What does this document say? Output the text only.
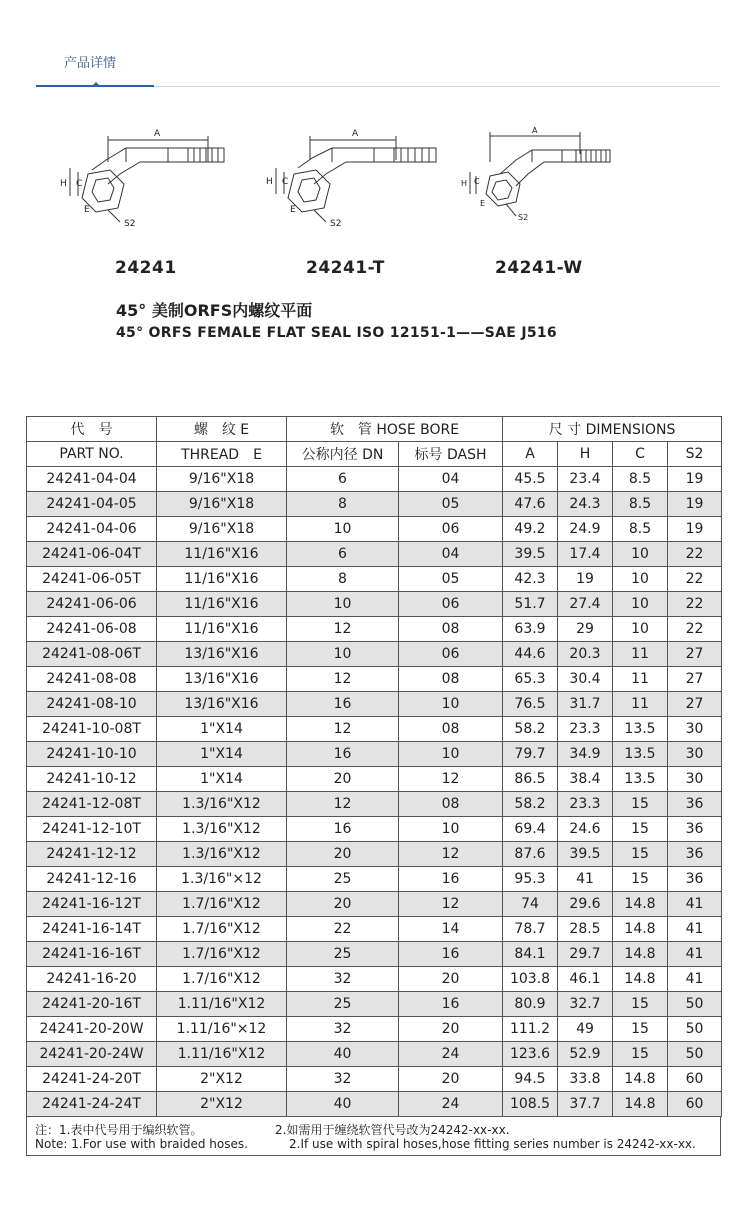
产品详情
A
H C
E
S2
A
H C
E
S2
A
H C
E
S2
24241	24241-T	24241-W
45° 美制ORFS内螺纹平面
45° ORFS FEMALE FLAT SEAL ISO 12151-1——SAE J516
代　号	螺　纹 E	软　管 HOSE BORE		尺 寸 DIMENSIONS			
PART NO.	THREAD　E	公称内径 DN	标号 DASH	A	H	C	S2
24241-04-04	9/16"X18	6	04	45.5	23.4	8.5	19
24241-04-05	9/16"X18	8	05	47.6	24.3	8.5	19
24241-04-06	9/16"X18	10	06	49.2	24.9	8.5	19
24241-06-04T	11/16"X16	6	04	39.5	17.4	10	22
24241-06-05T	11/16"X16	8	05	42.3	19	10	22
24241-06-06	11/16"X16	10	06	51.7	27.4	10	22
24241-06-08	11/16"X16	12	08	63.9	29	10	22
24241-08-06T	13/16"X16	10	06	44.6	20.3	11	27
24241-08-08	13/16"X16	12	08	65.3	30.4	11	27
24241-08-10	13/16"X16	16	10	76.5	31.7	11	27
24241-10-08T	1"X14	12	08	58.2	23.3	13.5	30
24241-10-10	1"X14	16	10	79.7	34.9	13.5	30
24241-10-12	1"X14	20	12	86.5	38.4	13.5	30
24241-12-08T	1.3/16"X12	12	08	58.2	23.3	15	36
24241-12-10T	1.3/16"X12	16	10	69.4	24.6	15	36
24241-12-12	1.3/16"X12	20	12	87.6	39.5	15	36
24241-12-16	1.3/16"×12	25	16	95.3	41	15	36
24241-16-12T	1.7/16"X12	20	12	74	29.6	14.8	41
24241-16-14T	1.7/16"X12	22	14	78.7	28.5	14.8	41
24241-16-16T	1.7/16"X12	25	16	84.1	29.7	14.8	41
24241-16-20	1.7/16"X12	32	20	103.8	46.1	14.8	41
24241-20-16T	1.11/16"X12	25	16	80.9	32.7	15	50
24241-20-20W	1.11/16"×12	32	20	111.2	49	15	50
24241-20-24W	1.11/16"X12	40	24	123.6	52.9	15	50
24241-24-20T	2"X12	32	20	94.5	33.8	14.8	60
24241-24-24T	2"X12	40	24	108.5	37.7	14.8	60
注：1.表中代号用于编织软管。	2.如需用于缠绕软管代号改为24242-xx-xx.
Note: 1.For use with braided hoses.	2.If use with spiral hoses,hose fitting series number is 24242-xx-xx.
